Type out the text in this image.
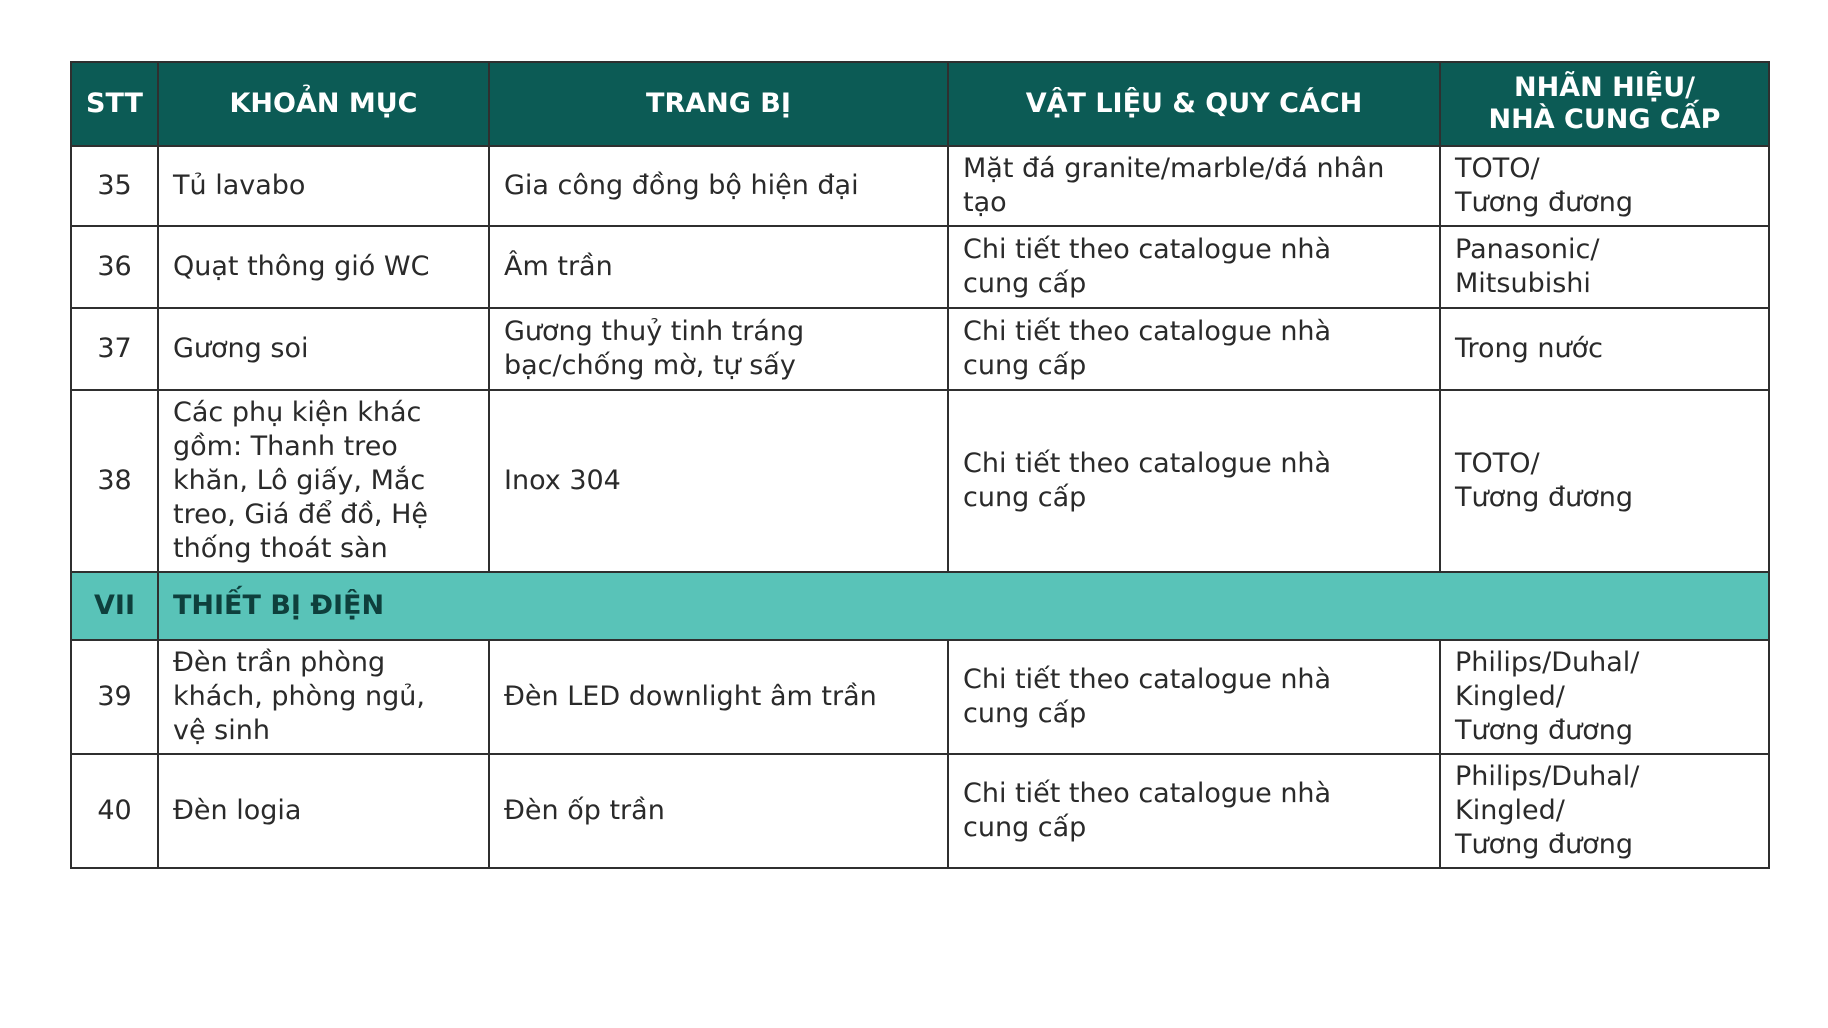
STT	KHOẢN MỤC	TRANG BỊ	VẬT LIỆU & QUY CÁCH	NHÃN HIỆU/
NHÀ CUNG CẤP
35	Tủ lavabo	Gia công đồng bộ hiện đại	Mặt đá granite/marble/đá nhân
tạo	TOTO/
Tương đương

36	Quạt thông gió WC	Âm trần	Chi tiết theo catalogue nhà
cung cấp	Panasonic/
Mitsubishi

37	Gương soi	Gương thuỷ tinh tráng
bạc/chống mờ, tự sấy	Chi tiết theo catalogue nhà
cung cấp	Trong nước

38	Các phụ kiện khác
gồm: Thanh treo
khăn, Lô giấy, Mắc
treo, Giá để đồ, Hệ
thống thoát sàn	Inox 304	Chi tiết theo catalogue nhà
cung cấp	TOTO/
Tương đương

VII	THIẾT BỊ ĐIỆN			
39	Đèn trần phòng
khách, phòng ngủ,
vệ sinh	Đèn LED downlight âm trần	Chi tiết theo catalogue nhà
cung cấp	Philips/Duhal/
Kingled/
Tương đương

40	Đèn logia	Đèn ốp trần	Chi tiết theo catalogue nhà
cung cấp	Philips/Duhal/
Kingled/
Tương đương
